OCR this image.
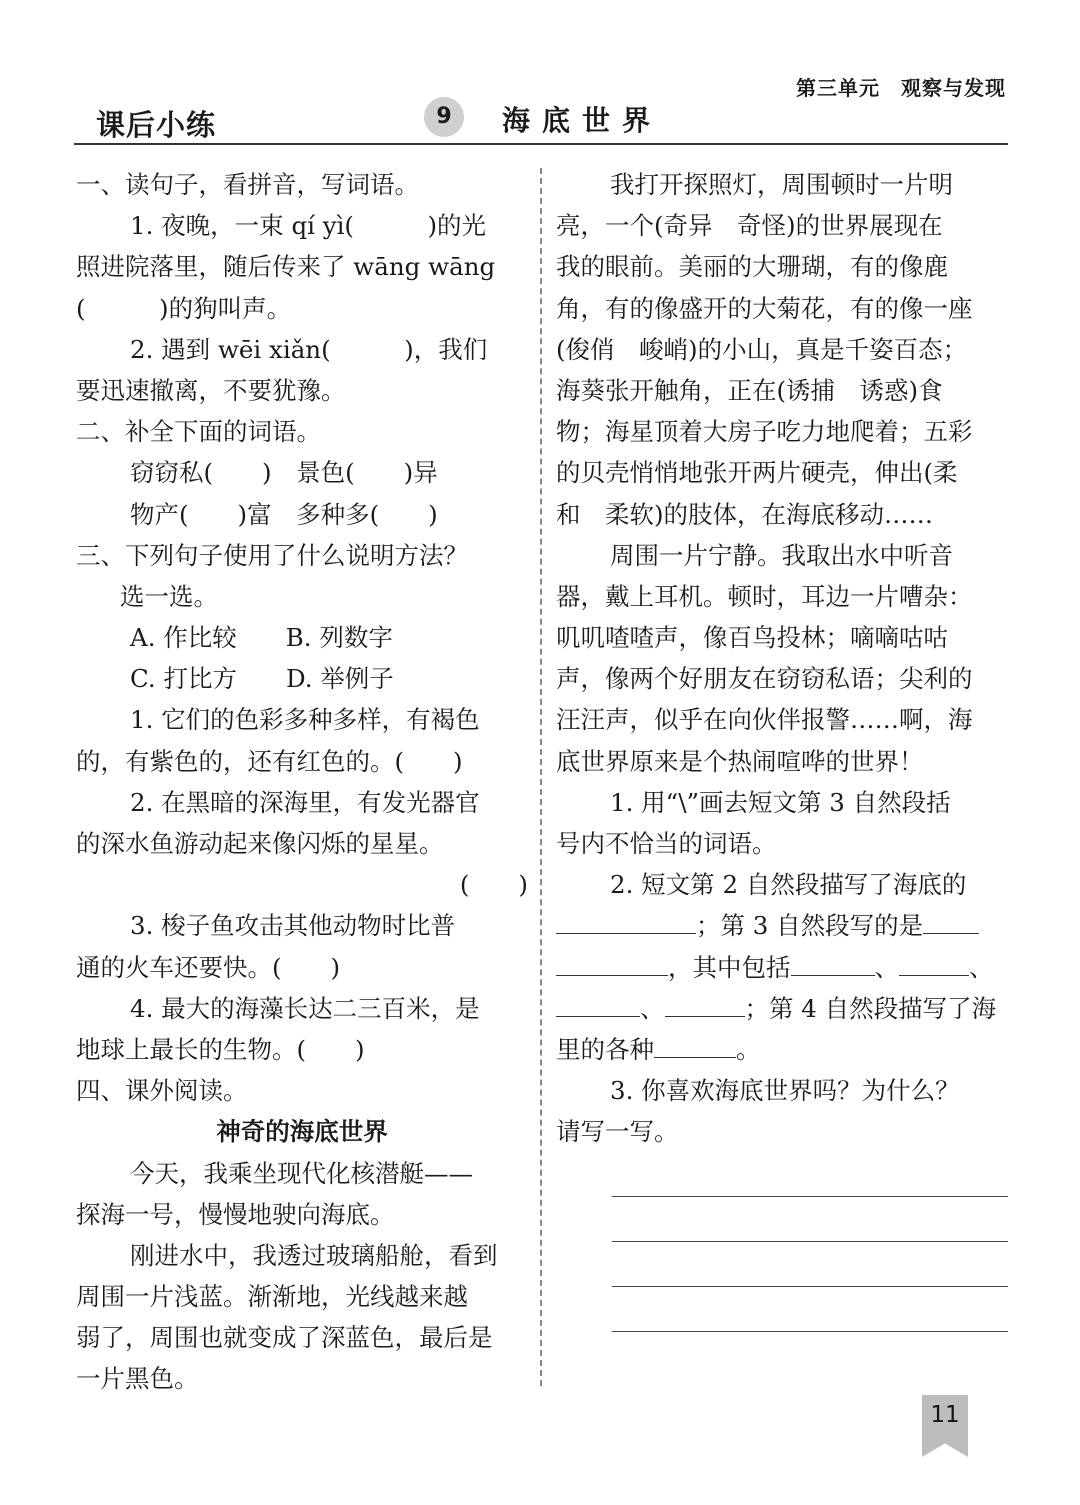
第三单元　观察与发现
课后小练	9	海底世界
一、读句子，看拼音，写词语。
1. 夜晚，一束 qí yì(　　　)的光
照进院落里，随后传来了 wāng wāng
(　　　)的狗叫声。
2. 遇到 wēi xiǎn(　　　)，我们
要迅速撤离，不要犹豫。
二、补全下面的词语。
窃窃私(　　)　景色(　　)异
物产(　　)富　多种多(　　)
三、下列句子使用了什么说明方法？
选一选。
A. 作比较　　B. 列数字
C. 打比方　　D. 举例子
1. 它们的色彩多种多样，有褐色
的，有紫色的，还有红色的。(　　)
2. 在黑暗的深海里，有发光器官
的深水鱼游动起来像闪烁的星星。
(　　)
3. 梭子鱼攻击其他动物时比普
通的火车还要快。(　　)
4. 最大的海藻长达二三百米，是
地球上最长的生物。(　　)
四、课外阅读。
神奇的海底世界
今天，我乘坐现代化核潜艇——
探海一号，慢慢地驶向海底。
刚进水中，我透过玻璃船舱，看到
周围一片浅蓝。渐渐地，光线越来越
弱了，周围也就变成了深蓝色，最后是
一片黑色。
我打开探照灯，周围顿时一片明
亮，一个(奇异　奇怪)的世界展现在
我的眼前。美丽的大珊瑚，有的像鹿
角，有的像盛开的大菊花，有的像一座
(俊俏　峻峭)的小山，真是千姿百态；
海葵张开触角，正在(诱捕　诱惑)食
物；海星顶着大房子吃力地爬着；五彩
的贝壳悄悄地张开两片硬壳，伸出(柔
和　柔软)的肢体，在海底移动……
周围一片宁静。我取出水中听音
器，戴上耳机。顿时，耳边一片嘈杂：
叽叽喳喳声，像百鸟投林；嘀嘀咕咕
声，像两个好朋友在窃窃私语；尖利的
汪汪声，似乎在向伙伴报警……啊，海
底世界原来是个热闹喧哗的世界！
1. 用“\”画去短文第 3 自然段括
号内不恰当的词语。
2. 短文第 2 自然段描写了海底的
；第 3 自然段写的是
，其中包括	、	、
、	；第 4 自然段描写了海
里的各种	。
3. 你喜欢海底世界吗？为什么？
请写一写。
11
